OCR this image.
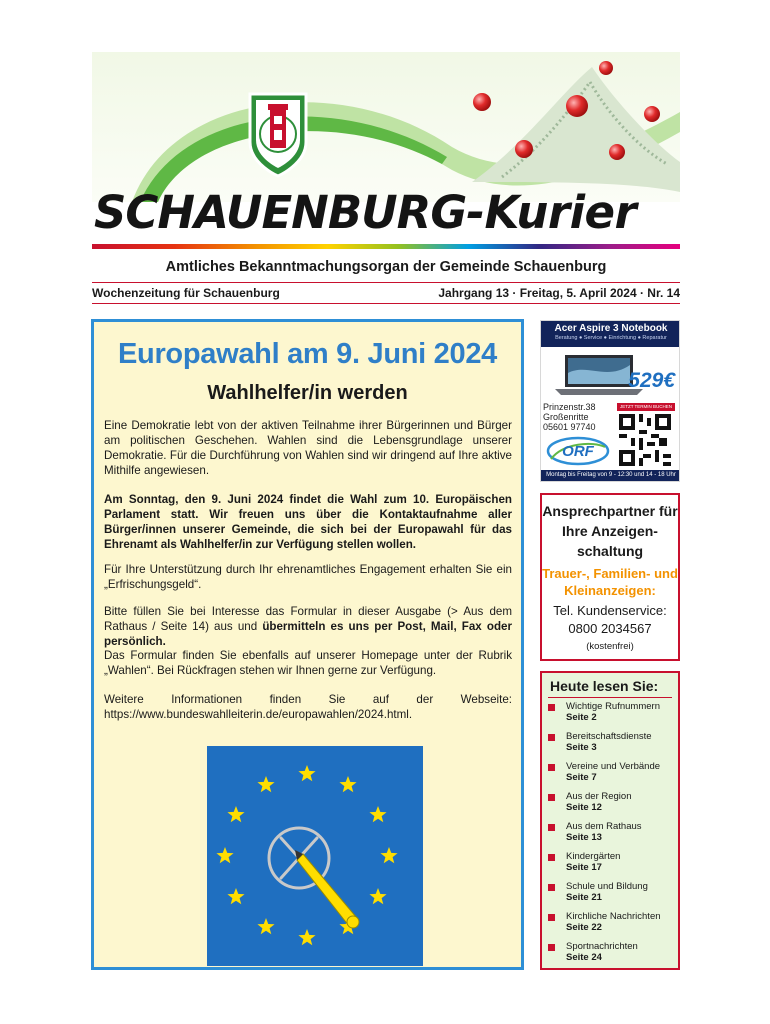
SCHAUENBURG-Kurier
Amtliches Bekanntmachungsorgan der Gemeinde Schauenburg
Wochenzeitung für Schauenburg	Jahrgang 13 · Freitag, 5. April 2024 · Nr. 14
Europawahl am 9. Juni 2024
Wahlhelfer/in werden
Eine Demokratie lebt von der aktiven Teilnahme ihrer Bürgerinnen und Bürger am politischen Geschehen. Wahlen sind die Lebensgrundlage unserer Demokratie. Für die Durchführung von Wahlen sind wir dringend auf Ihre aktive Mithilfe angewiesen.
Am Sonntag, den 9. Juni 2024 findet die Wahl zum 10. Europäischen Parlament statt. Wir freuen uns über die Kontaktaufnahme aller Bürger/innen unserer Gemeinde, die sich bei der Europawahl für das Ehrenamt als Wahlhelfer/in zur Verfügung stellen wollen.
Für Ihre Unterstützung durch Ihr ehrenamtliches Engagement erhalten Sie ein „Erfrischungsgeld“.
Bitte füllen Sie bei Interesse das Formular in dieser Ausgabe (> Aus dem Rathaus / Seite 14) aus und übermitteln es uns per Post, Mail, Fax oder persönlich.
Das Formular finden Sie ebenfalls auf unserer Homepage unter der Rubrik „Wahlen“. Bei Rückfragen stehen wir Ihnen gerne zur Verfügung.
Weitere Informationen finden Sie auf der Webseite: https://www.bundeswahlleiterin.de/europawahlen/2024.html.
Acer Aspire 3 Notebook
Beratung ● Service ● Einrichtung ● Reparatur
529€
Prinzenstr.38 Großenritte 05601 97740
JETZT TERMIN BUCHEN
ORF
Montag bis Freitag von 9 - 12:30 und 14 - 18 Uhr
Ansprechpartner für Ihre Anzeigen-schaltung
Trauer-, Familien- und Kleinanzeigen:
Tel. Kundenservice:
0800 2034567
(kostenfrei)
Heute lesen Sie:
Wichtige Rufnummern
Seite 2
Bereitschaftsdienste
Seite 3
Vereine und Verbände
Seite 7
Aus der Region
Seite 12
Aus dem Rathaus
Seite 13
Kindergärten
Seite 17
Schule und Bildung
Seite 21
Kirchliche Nachrichten
Seite 22
Sportnachrichten
Seite 24
